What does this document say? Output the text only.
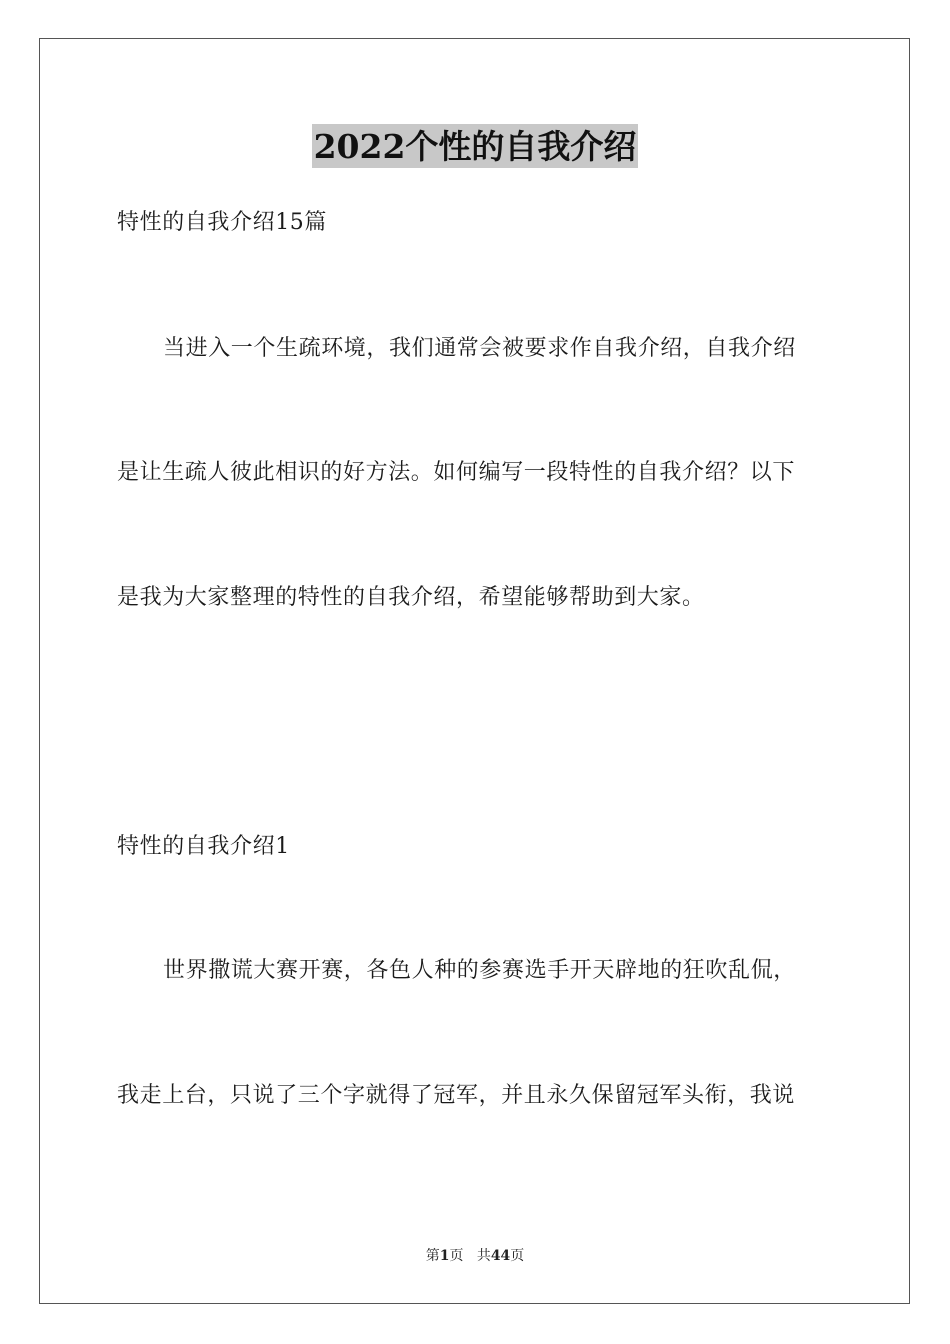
2022个性的自我介绍
特性的自我介绍15篇
当进入一个生疏环境，我们通常会被要求作自我介绍，自我介绍
是让生疏人彼此相识的好方法。如何编写一段特性的自我介绍？以下
是我为大家整理的特性的自我介绍，希望能够帮助到大家。
特性的自我介绍1
世界撒谎大赛开赛，各色人种的参赛选手开天辟地的狂吹乱侃，
我走上台，只说了三个字就得了冠军，并且永久保留冠军头衔，我说
第1页 共44页
